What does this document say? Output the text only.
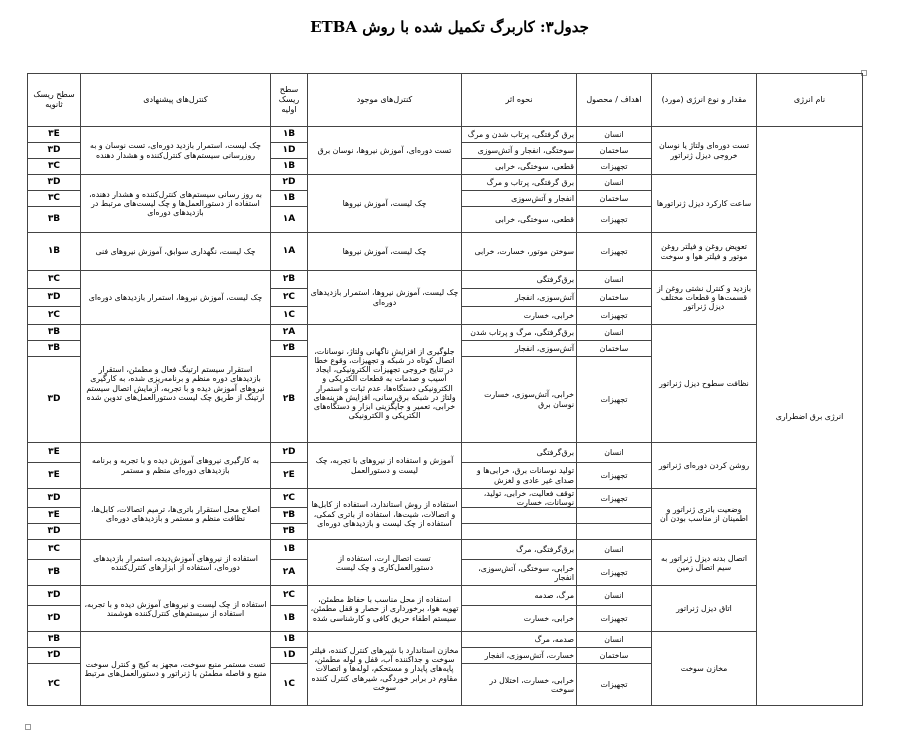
جدول۳: کاربرگ تکمیل شده با روش ETBA
نام انرژی	مقدار و نوع انرژی (مورد)	اهداف / محصول	نحوه اثر	کنترل‌های موجود	سطح ریسک اولیه	کنترل‌های پیشنهادی	سطح ریسک ثانویه
انرژی برق اضطراری	تست دوره‌ای ولتاژ یا نوسان خروجی دیزل ژنراتور	انسان	برق گرفتگی، پرتاب شدن و مرگ	تست دوره‌ای، آموزش نیروها، نوسان برق	۱B	چک لیست، استمرار بازدید دوره‌ای، تست نوسان و به روزرسانی سیستم‌های کنترل‌کننده و هشدار دهنده	۳E
		ساختمان	سوختگی، انفجار و آتش‌سوزی		۱D		۳D
		تجهیزات	قطعی، سوختگی، خرابی		۱B		۳C
	ساعت کارکرد دیزل ژنراتورها	انسان	برق گرفتگی، پرتاب و مرگ	چک لیست، آموزش نیروها	۲D	به روز رسانی سیستم‌های کنترل‌کننده و هشدار دهنده، استفاده از دستورالعمل‌ها و چک لیست‌های مرتبط در بازدیدهای دوره‌ای	۳D
		ساختمان	انفجار و آتش‌سوزی		۱B		۳C
		تجهیزات	قطعی، سوختگی، خرابی		۱A		۳B
	تعویض روغن و فیلتر روغن موتور و فیلتر هوا و سوخت	تجهیزات	سوختن موتور، خسارت، خرابی	چک لیست، آموزش نیروها	۱A	چک لیست، نگهداری سوابق، آموزش نیروهای فنی	۱B
	بازدید و کنترل نشتی روغن از قسمت‌ها و قطعات مختلف دیزل ژنراتور	انسان	برق‌گرفتگی	چک لیست، آموزش نیروها، استمرار بازدیدهای دوره‌ای	۲B	چک لیست، آموزش نیروها، استمرار بازدیدهای دوره‌ای	۳C
		ساختمان	آتش‌سوزی، انفجار		۲C		۳D
		تجهیزات	خرابی، خسارت		۱C		۲C
	نظافت سطوح دیزل ژنراتور	انسان	برق‌گرفتگی، مرگ و پرتاب شدن	جلوگیری از افزایش ناگهانی ولتاژ، نوسانات، اتصال کوتاه در شبکه و تجهیزات، وقوع خطا در تنایج خروجی تجهیزات الکترونیکی، ایجاد آسیب و صدمات به قطعات الکتریکی و الکترونیکی دستگاه‌ها، عدم ثبات و استمرار ولتاژ در شبکه برق‌رسانی، افزایش هزینه‌های خرابی، تعمیر و جایگزینی ابزار و دستگاه‌های الکتریکی و الکترونیکی	۲A	استقرار سیستم ارتینگ فعال و مطمئن، استقرار بازدیدهای دوره منظم و برنامه‌ریزی شده، به کارگیری نیروهای آموزش دیده و با تجربه، آزمایش اتصال سیستم ارتینگ از طریق چک لیست دستورالعمل‌های تدوین شده	۳B
		ساختمان	آتش‌سوزی، انفجار		۲B		۳B
		تجهیزات	خرابی، آتش‌سوزی، خسارت نوسان برق		۲B		۳D
	روشن کردن دوره‌ای ژنراتور	انسان	برق‌گرفتگی	آموزش و استفاده از نیروهای با تجربه، چک لیست و دستورالعمل	۲D	به کارگیری نیروهای آموزش دیده و با تجربه و برنامه بازدیدهای دوره‌ای منظم و مستمر	۳E
		تجهیزات	تولید نوسانات برق، خرابی‌ها و صدای غیر عادی و لغزش		۲E		۳E
	وضعیت باتری ژنراتور و اطمینان از مناسب بودن آن	تجهیزات	توقف فعالیت، خرابی، تولید، نوسانات، خسارت	استفاده از روش استاندارد، استفاده از کابل‌ها و اتصالات، شیت‌ها، استفاده از باتری کمکی، استفاده از چک لیست و بازدیدهای دوره‌ای	۲C	اصلاح محل استقرار باتری‌ها، ترمیم اتصالات، کابل‌ها، نظافت منظم و مستمر و بازدیدهای دوره‌ای	۳D
					۳B		۳E
					۳B		۳D
	اتصال بدنه دیزل ژنراتور به سیم اتصال زمین	انسان	برق‌گرفتگی، مرگ	تست اتصال ارت، استفاده از دستورالعمل‌کاری و چک لیست	۱B	استفاده از نیروهای آموزش‌دیده، استمرار بازدیدهای دوره‌ای، استفاده از ابزارهای کنترل‌کننده	۳C
		تجهیزات	خرابی، سوختگی، آتش‌سوزی، انفجار		۲A		۳B
	اتاق دیزل ژنراتور	انسان	مرگ، صدمه	استفاده از محل مناسب با حفاظ مطمئن، تهویه هوا، برخورداری از حصار و قفل مطمئن، سیستم اطفاء حریق کافی و کارشناسی شده	۲C	استفاده از چک لیست و نیروهای آموزش دیده و با تجربه، استفاده از سیستم‌های کنترل‌کننده هوشمند	۳D
		تجهیزات	خرابی، خسارت		۱B		۲D
	مخازن سوخت	انسان	صدمه، مرگ	مخازن استاندارد با شیرهای کنترل کننده، فیلتر سوخت و جداکننده آب، قفل و لوله مطمئن، پایه‌های پایدار و مستحکم، لوله‌ها و اتصالات مقاوم در برابر خوردگی، شیرهای کنترل کننده سوخت	۱B	تست مستمر منبع سوخت، مجهز به کیج و کنترل سوخت منبع و فاصله مطمئن با ژنراتور و دستورالعمل‌های مرتبط	۳B
		ساختمان	خسارت، آتش‌سوزی، انفجار		۱D		۲D
		تجهیزات	خرابی، خسارت، اختلال در سوخت		۱C		۲C
